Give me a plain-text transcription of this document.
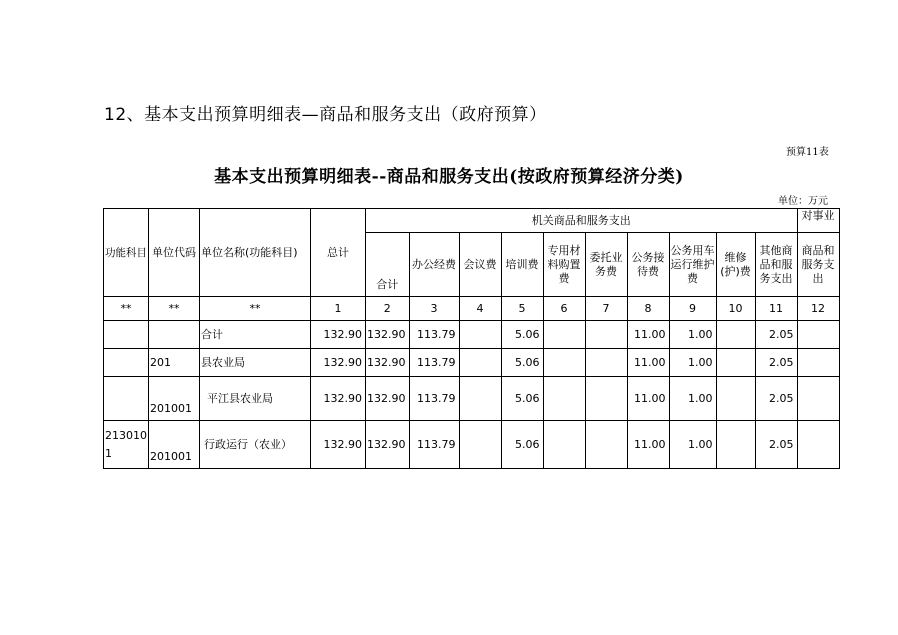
12、基本支出预算明细表—商品和服务支出（政府预算）
预算11表
基本支出预算明细表--商品和服务支出(按政府预算经济分类)
单位：万元
功能科目	单位代码	单位名称(功能科目)	总计	机关商品和服务支出										对事业

				合计	办公经费	会议费	培训费	专用材料购置费	委托业务费	公务接待费	公务用车运行维护费	维修(护)费	其他商品和服务支出	商品和服务支出
**	**	**	1	2	3	4	5	6	7	8	9	10	11	12
		合计	132.90	132.90	113.79		5.06			11.00	1.00		2.05	
	201	县农业局	132.90	132.90	113.79		5.06			11.00	1.00		2.05	
	201001	平江县农业局	132.90	132.90	113.79		5.06			11.00	1.00		2.05	
2130101	201001	行政运行（农业）	132.90	132.90	113.79		5.06			11.00	1.00		2.05	
